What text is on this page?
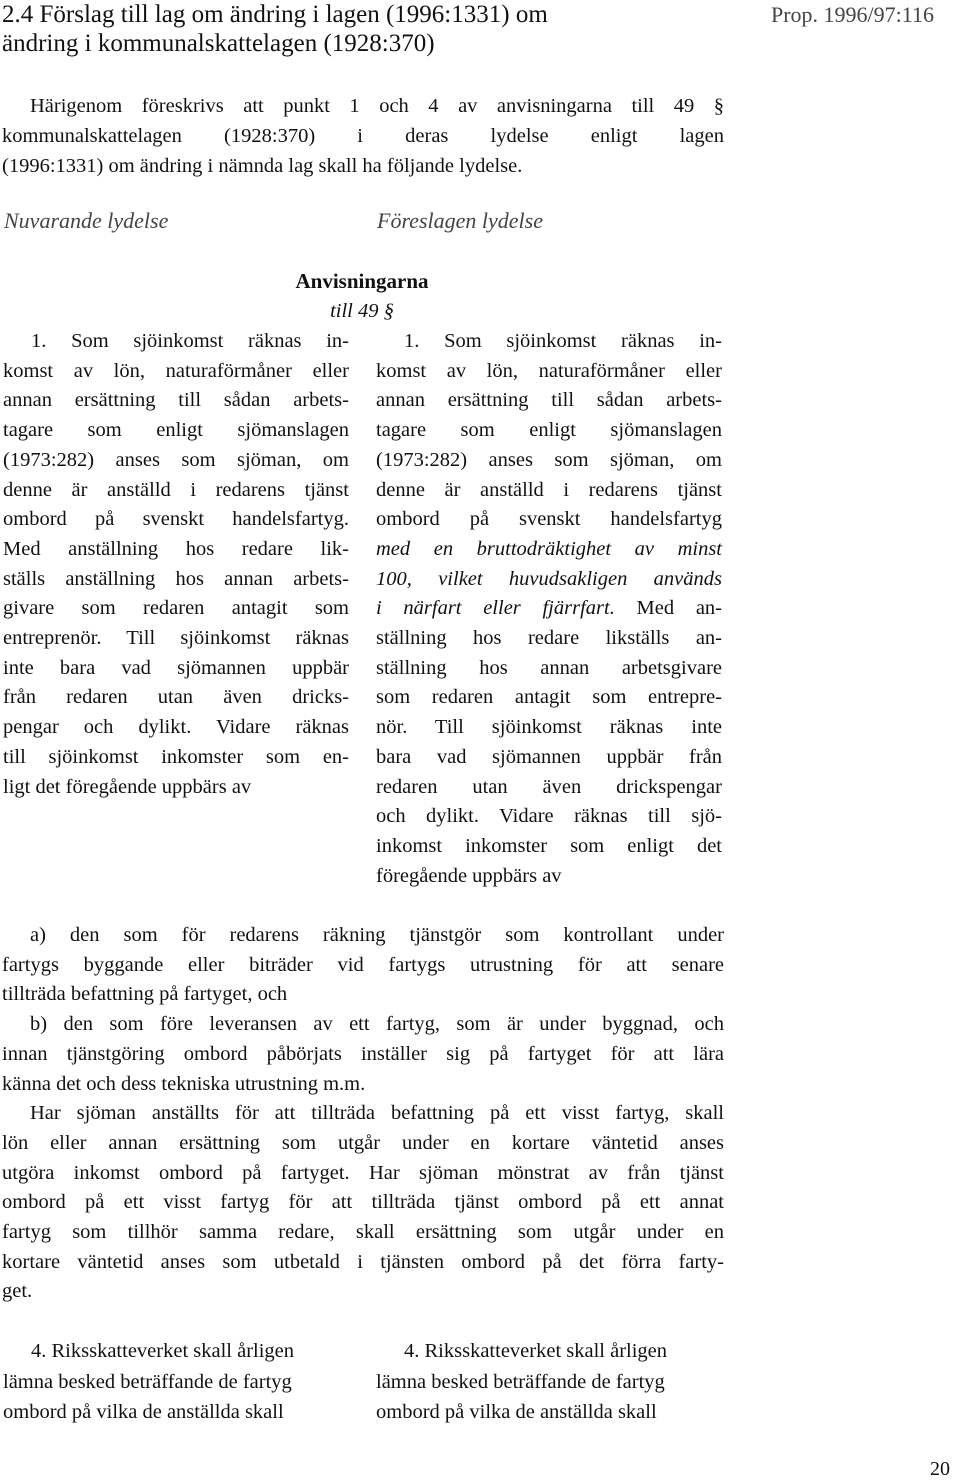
2.4 Förslag till lag om ändring i lagen (1996:1331) om
ändring i kommunalskattelagen (1928:370)
Prop. 1996/97:116
Härigenom föreskrivs att punkt 1 och 4 av anvisningarna till 49 §
kommunalskattelagen (1928:370) i deras lydelse enligt lagen
(1996:1331) om ändring i nämnda lag skall ha följande lydelse.
Nuvarande lydelse	Föreslagen lydelse
Anvisningarna
till 49 §
1. Som sjöinkomst räknas in-
komst av lön, naturaförmåner eller
annan ersättning till sådan arbets-
tagare som enligt sjömanslagen
(1973:282) anses som sjöman, om
denne är anställd i redarens tjänst
ombord på svenskt handelsfartyg.
Med anställning hos redare lik-
ställs anställning hos annan arbets-
givare som redaren antagit som
entreprenör. Till sjöinkomst räknas
inte bara vad sjömannen uppbär
från redaren utan även dricks-
pengar och dylikt. Vidare räknas
till sjöinkomst inkomster som en-
ligt det föregående uppbärs av
1. Som sjöinkomst räknas in-
komst av lön, naturaförmåner eller
annan ersättning till sådan arbets-
tagare som enligt sjömanslagen
(1973:282) anses som sjöman, om
denne är anställd i redarens tjänst
ombord på svenskt handelsfartyg
med en bruttodräktighet av minst
100, vilket huvudsakligen används
i närfart eller fjärrfart. Med an-
ställning hos redare likställs an-
ställning hos annan arbetsgivare
som redaren antagit som entrepre-
nör. Till sjöinkomst räknas inte
bara vad sjömannen uppbär från
redaren utan även drickspengar
och dylikt. Vidare räknas till sjö-
inkomst inkomster som enligt det
föregående uppbärs av
a) den som för redarens räkning tjänstgör som kontrollant under
fartygs byggande eller biträder vid fartygs utrustning för att senare
tillträda befattning på fartyget, och
b) den som före leveransen av ett fartyg, som är under byggnad, och
innan tjänstgöring ombord påbörjats inställer sig på fartyget för att lära
känna det och dess tekniska utrustning m.m.
Har sjöman anställts för att tillträda befattning på ett visst fartyg, skall
lön eller annan ersättning som utgår under en kortare väntetid anses
utgöra inkomst ombord på fartyget. Har sjöman mönstrat av från tjänst
ombord på ett visst fartyg för att tillträda tjänst ombord på ett annat
fartyg som tillhör samma redare, skall ersättning som utgår under en
kortare väntetid anses som utbetald i tjänsten ombord på det förra farty-
get.
4. Riksskatteverket skall årligen
lämna besked beträffande de fartyg
ombord på vilka de anställda skall
4. Riksskatteverket skall årligen
lämna besked beträffande de fartyg
ombord på vilka de anställda skall
20
